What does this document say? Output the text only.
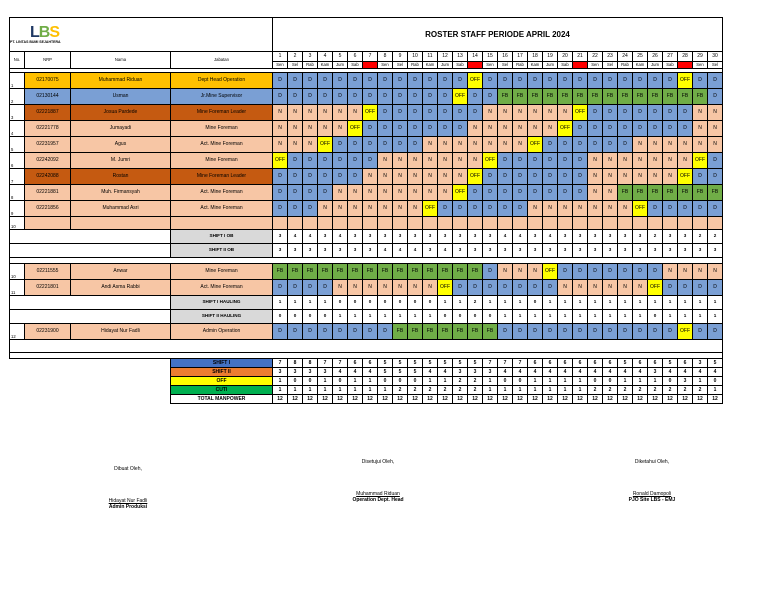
LBS
PT. LINTAS BUMI SEJAHTERA				ROSTER STAFF PERIODE APRIL 2024																													
No.	NRP	Nama	Jabatan	1	2	3	4	5	6	7	8	9	10	11	12	13	14	15	16	17	18	19	20	21	22	23	24	25	26	27	28	29	30
				Sen	Sel	Rab	Kam	Jum	Sab	Min	Sen	Sel	Rab	Kam	Jum	Sab	Min	Sen	Sel	Rab	Kam	Jum	Sab	Min	Sen	Sel	Rab	Kam	Jum	Sab	Min	Sen	Sel

1	02170075	Muhammad Riduan	Dept Head Operation	D	D	D	D	D	D	D	D	D	D	D	D	D	OFF	D	D	D	D	D	D	D	D	D	D	D	D	D	OFF	D	D
2	02130144	Usman	Jr.Mine Supervisor	D	D	D	D	D	D	D	D	D	D	D	D	OFF	D	D	FB	FB	FB	FB	FB	FB	FB	FB	FB	FB	FB	FB	FB	FB	D
3	02221887	Josua Pardede	Mine Foreman Leader	N	N	N	N	N	N	OFF	D	D	D	D	D	D	D	N	N	N	N	N	N	OFF	D	D	D	D	D	D	D	N	N
4	02221778	Jumayadi	Mine Foreman	N	N	N	N	N	OFF	D	D	D	D	D	D	D	N	N	N	N	N	N	OFF	D	D	D	D	D	D	D	D	N	N
5	02231957	Agus	Act. Mine Foreman	N	N	N	OFF	D	D	D	D	D	D	N	N	N	N	N	N	N	OFF	D	D	D	D	D	D	N	N	N	N	N	N
6	02242092	M. Jumri	Mine Foreman	OFF	D	D	D	D	D	D	N	N	N	N	N	N	N	OFF	D	D	D	D	D	D	N	N	N	N	N	N	N	OFF	D
7	02242088	Rostan	Mine Foreman Leader	D	D	D	D	D	D	N	N	N	N	N	N	N	OFF	D	D	D	D	D	D	D	N	N	N	N	N	N	OFF	D	D
8	02221881	Muh. Firmansyah	Act. Mine Foreman	D	D	D	D	N	N	N	N	N	N	N	N	OFF	D	D	D	D	D	D	D	D	N	N	FB	FB	FB	FB	FB	FB	FB
9	02221856	Muhammad Asri	Act. Mine Foreman	D	D	D	N	N	N	N	N	N	N	OFF	D	D	D	D	D	D	N	N	N	N	N	N	N	OFF	D	D	D	D	D
10																																	
			SHIFT I OB	3	4	4	3	4	3	3	3	3	3	3	3	3	3	3	4	4	3	4	3	3	3	3	3	3	2	3	3	2	2
			SHIFT II OB	3	3	3	3	3	3	3	4	4	4	3	4	3	3	3	3	3	3	3	3	3	3	3	3	3	3	3	3	3	3

10	02211555	Anwar	Mine Foreman	FB	FB	FB	FB	FB	FB	FB	FB	FB	FB	FB	FB	FB	FB	D	N	N	N	OFF	D	D	D	D	D	D	D	N	N	N	N
11	02221801	Andi Asma Rabbi	Act. Mine Foreman	D	D	D	D	N	N	N	N	N	N	N	OFF	D	D	D	D	D	D	D	N	N	N	N	N	N	OFF	D	D	D	D
			SHIFT I HAULING	1	1	1	1	0	0	0	0	0	0	0	1	1	2	1	1	1	0	1	1	1	1	1	1	1	1	1	1	1	1
			SHIFT II HAULING	0	0	0	0	1	1	1	1	1	1	1	0	0	0	0	1	1	1	1	1	1	1	1	1	1	0	1	1	1	1
12	02231900	Hidayat Nur Fadli	Admin Operation	D	D	D	D	D	D	D	D	FB	FB	FB	FB	FB	FB	FB	D	D	D	D	D	D	D	D	D	D	D	D	OFF	D	D

			SHIFT I	7	8	8	7	7	6	6	5	5	5	5	5	5	5	7	7	7	6	6	6	6	6	6	5	6	6	5	6	3	5
			SHIFT II	3	3	3	3	4	4	4	5	5	5	4	4	3	3	3	4	4	4	4	4	4	4	4	4	4	3	4	4	4	4
			OFF	1	0	0	1	0	1	1	0	0	0	1	1	2	2	1	0	0	1	1	1	1	0	0	1	1	1	0	3	1	0
			CUTI	1	1	1	1	1	1	1	1	2	2	2	2	2	2	1	1	1	1	1	1	1	2	2	2	2	2	2	2	2	1
			TOTAL MANPOWER	12	12	12	12	12	12	12	12	12	12	12	12	12	12	12	12	12	12	12	12	12	12	12	12	12	12	12	12	12	12
Dibuat Oleh,
Hidayat Nur Fadli
Admin Produksi
Disetujui Oleh,
Muhammad Riduan
Operation Dept. Head
Diketahui Oleh,
Ronald Damopoli
PJO Site LBS - EMJ
